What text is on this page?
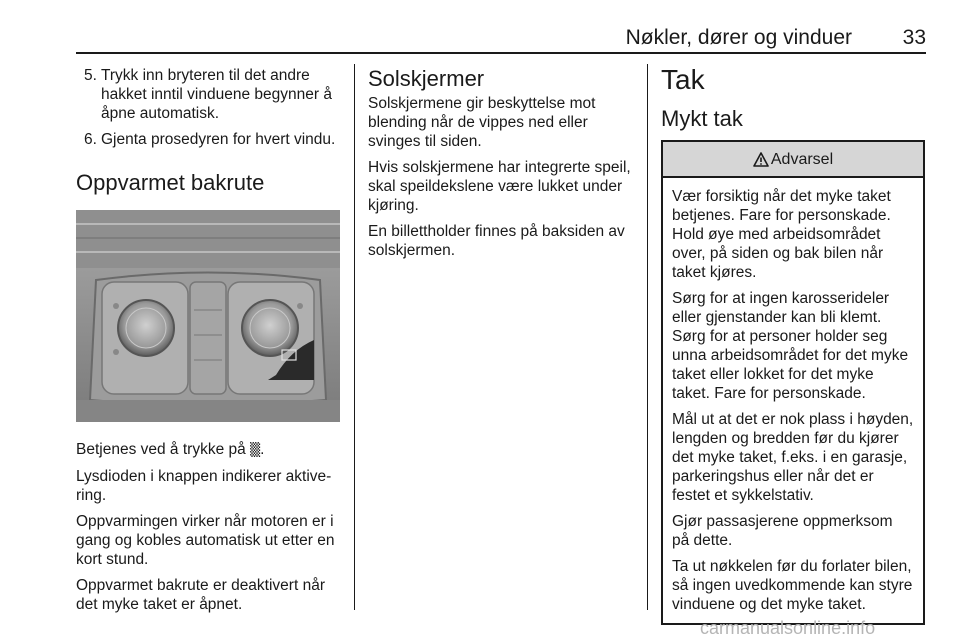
Nøkler, dører og vinduer 33
5. Trykk inn bryteren til det andre hakket inntil vinduene begynner å åpne automatisk.
6. Gjenta prosedyren for hvert vindu.
Oppvarmet bakrute

Betjenes ved å trykke på ▒.

Lysdioden i knappen indikerer aktive-ring.

Oppvarmingen virker når motoren er i gang og kobles automatisk ut etter en kort stund.

Oppvarmet bakrute er deaktivert når det myke taket er åpnet.

Solskjermer

Solskjermene gir beskyttelse mot blending når de vippes ned eller svinges til siden.

Hvis solskjermene har integrerte speil, skal speildekslene være lukket under kjøring.

En billettholder finnes på baksiden av solskjermen.

Tak
Mykt tak
Advarsel

Vær forsiktig når det myke taket betjenes. Fare for personskade. Hold øye med arbeidsområdet over, på siden og bak bilen når taket kjøres.

Sørg for at ingen karosserideler eller gjenstander kan bli klemt. Sørg for at personer holder seg unna arbeidsområdet for det myke taket eller lokket for det myke taket. Fare for personskade.

Mål ut at det er nok plass i høyden, lengden og bredden før du kjører det myke taket, f.eks. i en garasje, parkeringshus eller når det er festet et sykkelstativ.

Gjør passasjerene oppmerksom på dette.

Ta ut nøkkelen før du forlater bilen, så ingen uvedkommende kan styre vinduene og det myke taket.

carmanualsonline.info
